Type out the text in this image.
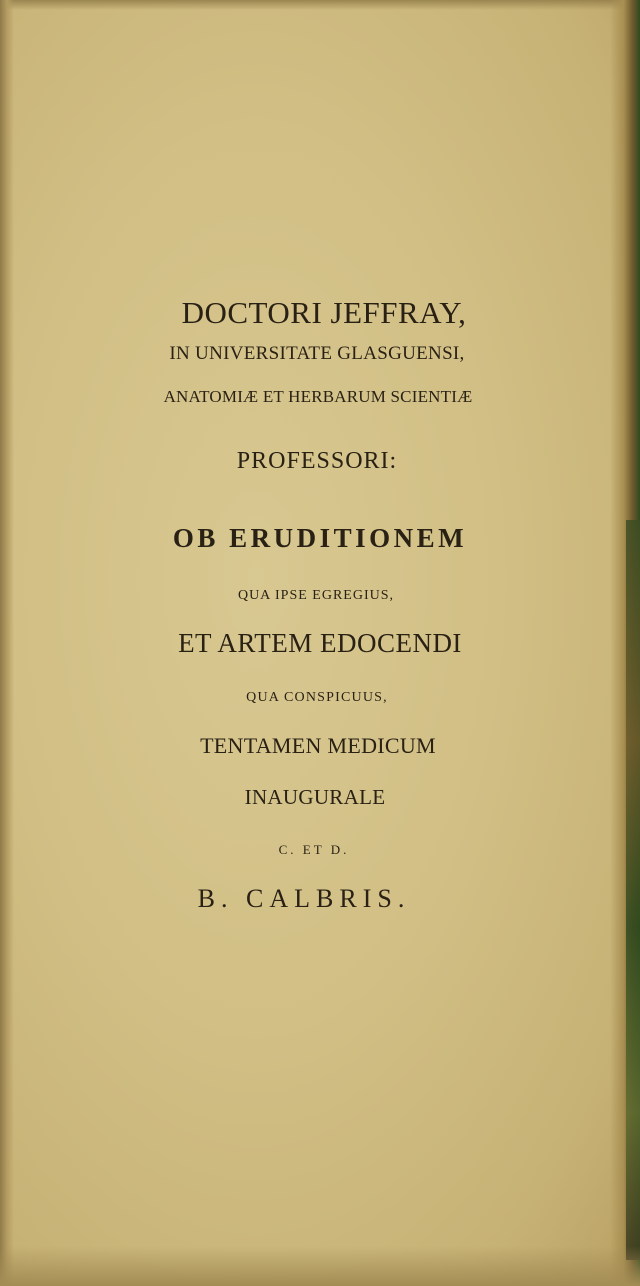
DOCTORI JEFFRAY,
IN UNIVERSITATE GLASGUENSI,
ANATOMIÆ ET HERBARUM SCIENTIÆ
PROFESSORI:
OB ERUDITIONEM
QUA IPSE EGREGIUS,
ET ARTEM EDOCENDI
QUA CONSPICUUS,
TENTAMEN MEDICUM
INAUGURALE
C. ET D.
B. CALBRIS.
